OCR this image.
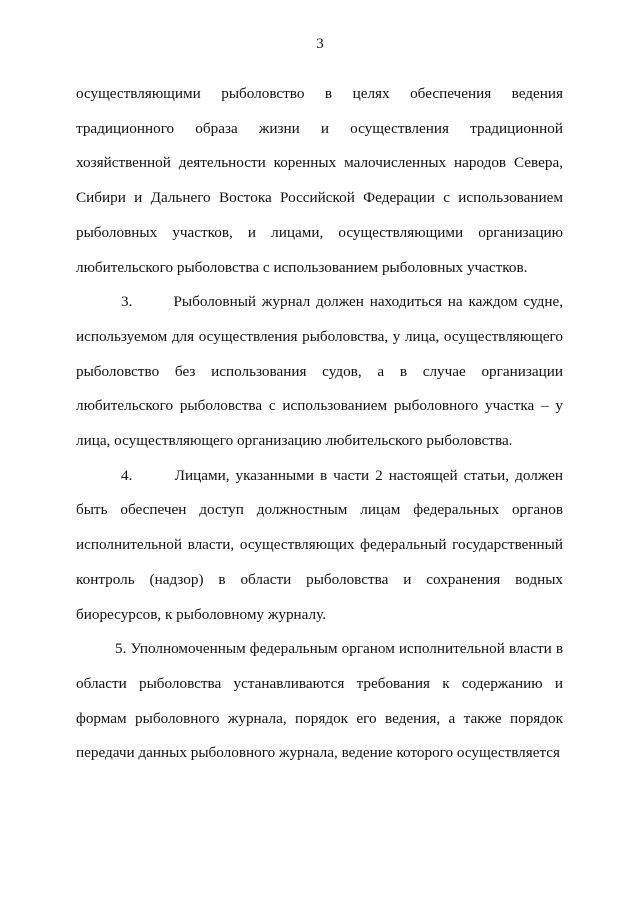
3

осуществляющими рыболовство в целях обеспечения ведения традиционного образа жизни и осуществления традиционной хозяйственной деятельности коренных малочисленных народов Севера, Сибири и Дальнего Востока Российской Федерации с использованием рыболовных участков, и лицами, осуществляющими организацию любительского рыболовства с использованием рыболовных участков.

3.       Рыболовный журнал должен находиться на каждом судне, используемом для осуществления рыболовства, у лица, осуществляющего рыболовство без использования судов, а в случае организации любительского рыболовства с использованием рыболовного участка – у лица, осуществляющего организацию любительского рыболовства.

4.       Лицами, указанными в части 2 настоящей статьи, должен быть обеспечен доступ должностным лицам федеральных органов исполнительной власти, осуществляющих федеральный государственный контроль (надзор) в области рыболовства и сохранения водных биоресурсов, к рыболовному журналу.

5. Уполномоченным федеральным органом исполнительной власти в области рыболовства устанавливаются требования к содержанию и формам рыболовного журнала, порядок его ведения, а также порядок передачи данных рыболовного журнала, ведение которого осуществляется
